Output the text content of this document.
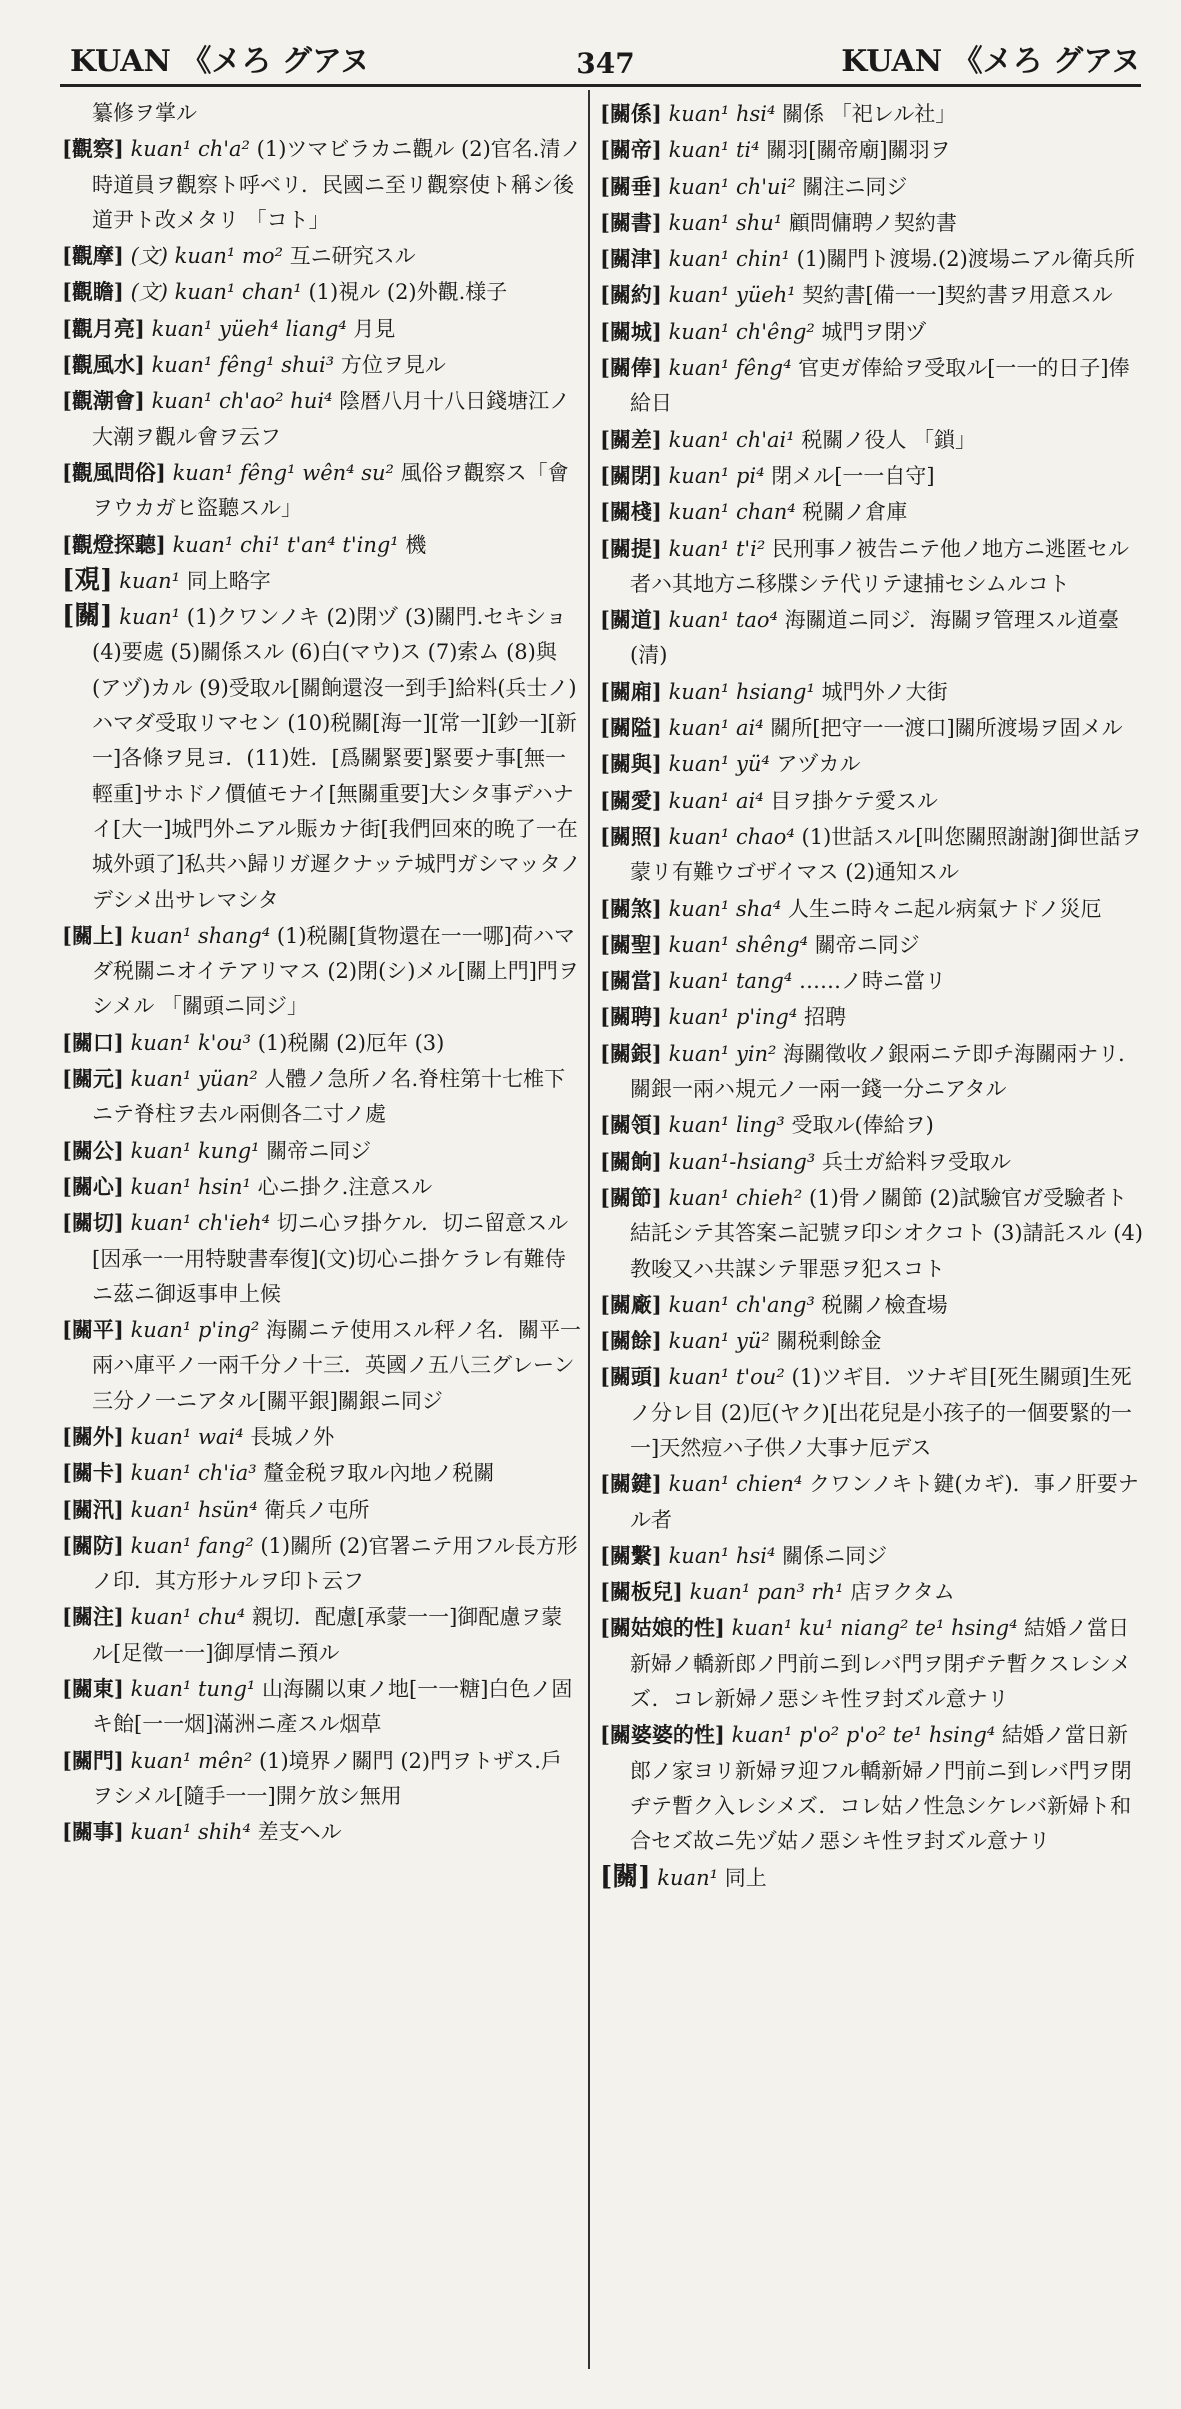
KUAN 《メろ グアヌ	347	KUAN 《メろ グアヌ

纂修ヲ掌ル

[觀察] kuan¹ ch'a² (1)ツマビラカニ觀ル (2)官名.清ノ時道員ヲ觀察ト呼ベリ．民國ニ至リ觀察使ト稱シ後道尹ト改メタリ 「コト」

[觀摩] (文) kuan¹ mo² 互ニ研究スル

[觀瞻] (文) kuan¹ chan¹ (1)視ル (2)外觀.様子

[觀月亮] kuan¹ yüeh⁴ liang⁴ 月見

[觀風水] kuan¹ fêng¹ shui³ 方位ヲ見ル

[觀潮會] kuan¹ ch'ao² hui⁴ 陰暦八月十八日錢塘江ノ大潮ヲ觀ル會ヲ云フ

[觀風問俗] kuan¹ fêng¹ wên⁴ su² 風俗ヲ觀察ス「會ヲウカガヒ盜聽スル」

[觀燈探聽] kuan¹ chi¹ t'an⁴ t'ing¹ 機

[覌] kuan¹ 同上略字

[關] kuan¹ (1)クワンノキ (2)閉ヅ (3)關門.セキショ (4)要處 (5)關係スル (6)白(マウ)ス (7)索ム (8)與(アヅ)カル (9)受取ル[關餉還沒一到手]給料(兵士ノ)ハマダ受取リマセン (10)税關[海一][常一][鈔一][新一]各條ヲ見ヨ．(11)姓．[爲關緊要]緊要ナ事[無一輕重]サホドノ價値モナイ[無關重要]大シタ事デハナイ[大一]城門外ニアル賑カナ街[我們回來的晩了一在城外頭了]私共ハ歸リガ遲クナッテ城門ガシマッタノデシメ出サレマシタ

[關上] kuan¹ shang⁴ (1)税關[貨物還在一一哪]荷ハマダ税關ニオイテアリマス (2)閉(シ)メル[關上門]門ヲシメル 「關頭ニ同ジ」

[關口] kuan¹ k'ou³ (1)税關 (2)厄年 (3)

[關元] kuan¹ yüan² 人體ノ急所ノ名.脊柱第十七椎下ニテ脊柱ヲ去ル兩側各二寸ノ處

[關公] kuan¹ kung¹ 關帝ニ同ジ

[關心] kuan¹ hsin¹ 心ニ掛ク.注意スル

[關切] kuan¹ ch'ieh⁴ 切ニ心ヲ掛ケル．切ニ留意スル[因承一一用特駛書奉復](文)切心ニ掛ケラレ有難侍ニ茲ニ御返事申上候

[關平] kuan¹ p'ing² 海關ニテ使用スル秤ノ名．關平一兩ハ庫平ノ一兩千分ノ十三．英國ノ五八三グレーン三分ノ一ニアタル[關平銀]關銀ニ同ジ

[關外] kuan¹ wai⁴ 長城ノ外

[關卡] kuan¹ ch'ia³ 釐金税ヲ取ル內地ノ税關

[關汛] kuan¹ hsün⁴ 衛兵ノ屯所

[關防] kuan¹ fang² (1)關所 (2)官署ニテ用フル長方形ノ印．其方形ナルヲ印ト云フ

[關注] kuan¹ chu⁴ 親切．配慮[承蒙一一]御配慮ヲ蒙ル[足徵一一]御厚情ニ預ル

[關東] kuan¹ tung¹ 山海關以東ノ地[一一糖]白色ノ固キ飴[一一烟]滿洲ニ產スル烟草

[關門] kuan¹ mên² (1)境界ノ關門 (2)門ヲトザス.戶ヲシメル[隨手一一]開ケ放シ無用

[關事] kuan¹ shih⁴ 差支ヘル

[關係] kuan¹ hsi⁴ 關係 「祀レル社」

[關帝] kuan¹ ti⁴ 關羽[關帝廟]關羽ヲ

[關垂] kuan¹ ch'ui² 關注ニ同ジ

[關書] kuan¹ shu¹ 顧問傭聘ノ契約書

[關津] kuan¹ chin¹ (1)關門ト渡場.(2)渡場ニアル衛兵所

[關約] kuan¹ yüeh¹ 契約書[備一一]契約書ヲ用意スル

[關城] kuan¹ ch'êng² 城門ヲ閉ヅ

[關俸] kuan¹ fêng⁴ 官吏ガ俸給ヲ受取ル[一一的日子]俸給日

[關差] kuan¹ ch'ai¹ 税關ノ役人 「鎖」

[關閉] kuan¹ pi⁴ 閉メル[一一自守]

[關棧] kuan¹ chan⁴ 税關ノ倉庫

[關提] kuan¹ t'i² 民刑事ノ被告ニテ他ノ地方ニ逃匿セル者ハ其地方ニ移牒シテ代リテ逮捕セシムルコト

[關道] kuan¹ tao⁴ 海關道ニ同ジ．海關ヲ管理スル道臺(清)

[關廂] kuan¹ hsiang¹ 城門外ノ大街

[關隘] kuan¹ ai⁴ 關所[把守一一渡口]關所渡場ヲ固メル

[關與] kuan¹ yü⁴ アヅカル

[關愛] kuan¹ ai⁴ 目ヲ掛ケテ愛スル

[關照] kuan¹ chao⁴ (1)世話スル[叫您關照謝謝]御世話ヲ蒙リ有難ウゴザイマス (2)通知スル

[關煞] kuan¹ sha⁴ 人生ニ時々ニ起ル病氣ナドノ災厄

[關聖] kuan¹ shêng⁴ 關帝ニ同ジ

[關當] kuan¹ tang⁴ ……ノ時ニ當リ

[關聘] kuan¹ p'ing⁴ 招聘

[關銀] kuan¹ yin² 海關徵收ノ銀兩ニテ即チ海關兩ナリ．關銀一兩ハ規元ノ一兩一錢一分ニアタル

[關領] kuan¹ ling³ 受取ル(俸給ヲ)

[關餉] kuan¹-hsiang³ 兵士ガ給料ヲ受取ル

[關節] kuan¹ chieh² (1)骨ノ關節 (2)試驗官ガ受驗者ト結託シテ其答案ニ記號ヲ印シオクコト (3)請託スル (4)教唆又ハ共謀シテ罪惡ヲ犯スコト

[關廠] kuan¹ ch'ang³ 税關ノ檢査場

[關餘] kuan¹ yü² 關税剩餘金

[關頭] kuan¹ t'ou² (1)ツギ目．ツナギ目[死生關頭]生死ノ分レ目 (2)厄(ヤク)[出花兒是小孩子的一個要緊的一一]天然痘ハ子供ノ大事ナ厄デス

[關鍵] kuan¹ chien⁴ クワンノキト鍵(カギ)．事ノ肝要ナル者

[關繫] kuan¹ hsi⁴ 關係ニ同ジ

[關板兒] kuan¹ pan³ rh¹ 店ヲクタム

[關姑娘的性] kuan¹ ku¹ niang² te¹ hsing⁴ 結婚ノ當日新婦ノ轎新郎ノ門前ニ到レバ門ヲ閉ヂテ暫クスレシメズ．コレ新婦ノ惡シキ性ヲ封ズル意ナリ

[關婆婆的性] kuan¹ p'o² p'o² te¹ hsing⁴ 結婚ノ當日新郎ノ家ヨリ新婦ヲ迎フル轎新婦ノ門前ニ到レバ門ヲ閉ヂテ暫ク入レシメズ．コレ姑ノ性急シケレバ新婦ト和合セズ故ニ先ヅ姑ノ惡シキ性ヲ封ズル意ナリ

[關] kuan¹ 同上
